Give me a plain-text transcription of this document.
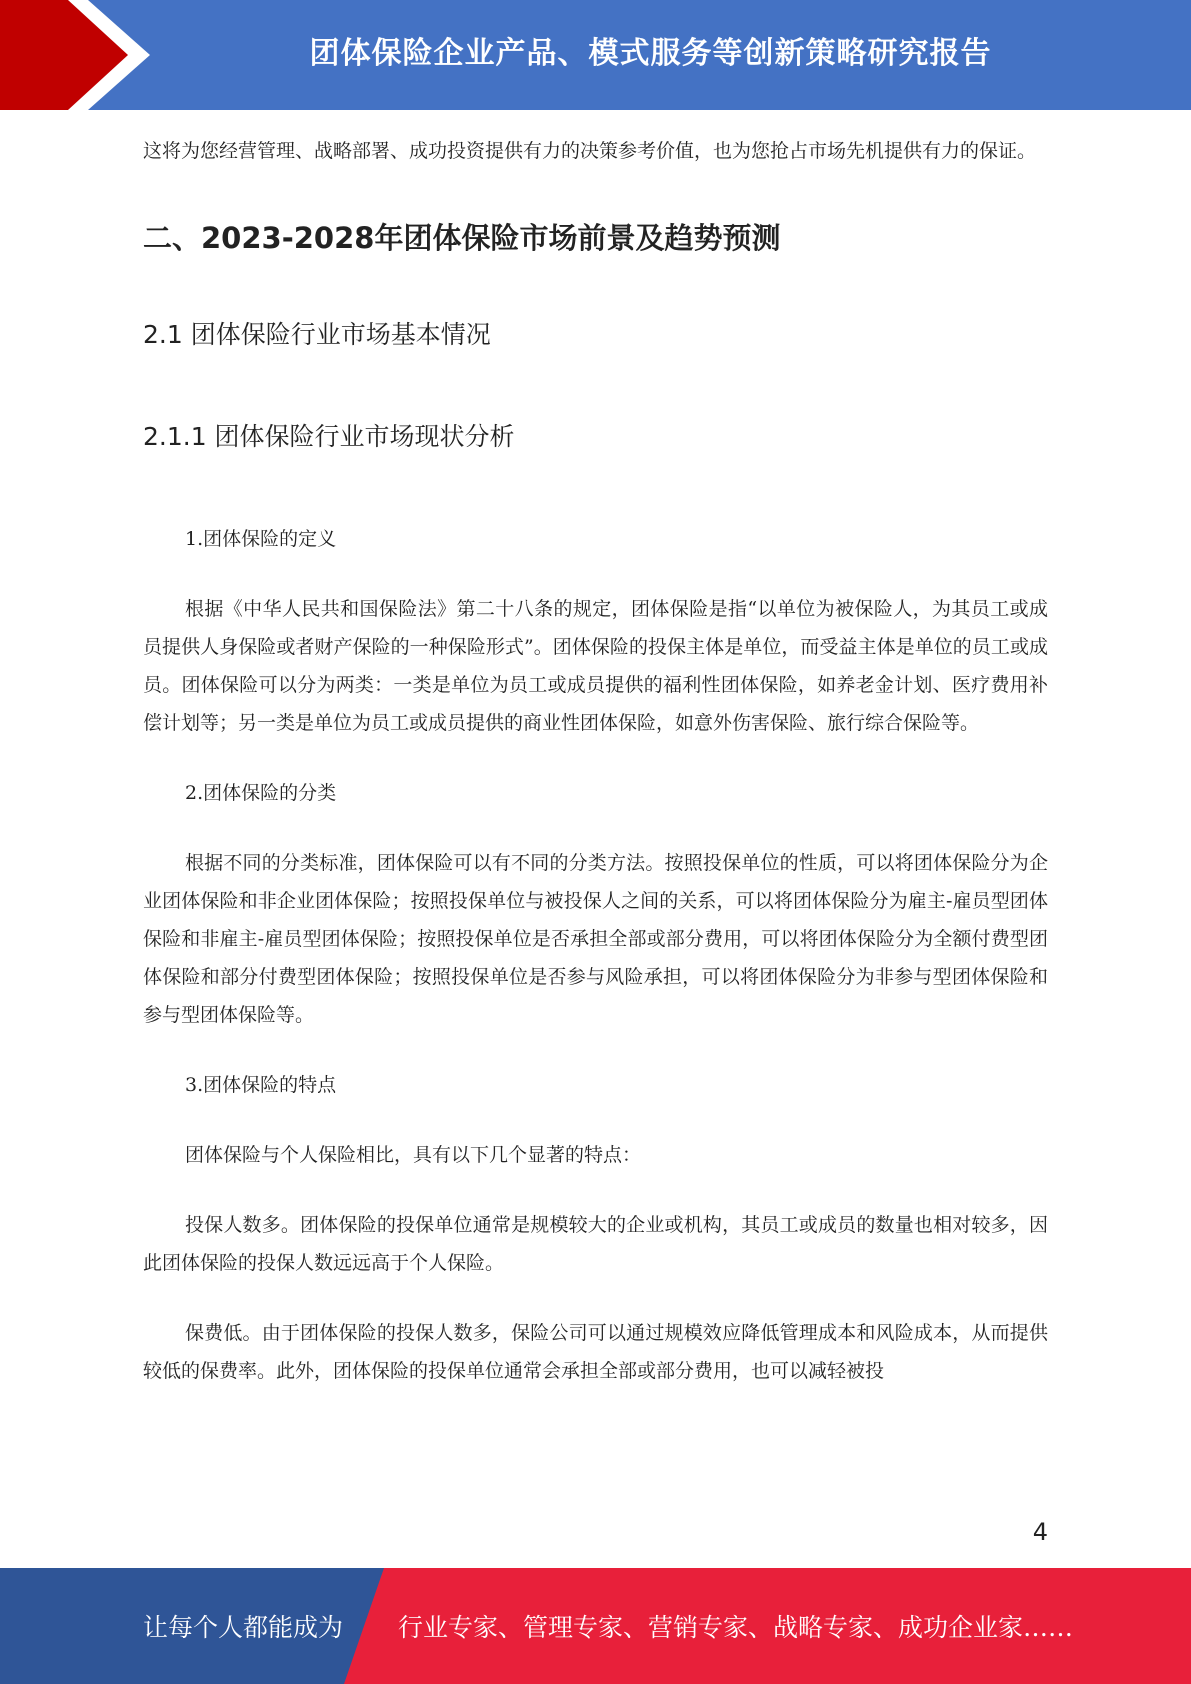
团体保险企业产品、模式服务等创新策略研究报告

这将为您经营管理、战略部署、成功投资提供有力的决策参考价值，也为您抢占市场先机提供有力的保证。

二、2023-2028年团体保险市场前景及趋势预测
2.1 团体保险行业市场基本情况
2.1.1 团体保险行业市场现状分析

1.团体保险的定义

根据《中华人民共和国保险法》第二十八条的规定，团体保险是指“以单位为被保险人，为其员工或成员提供人身保险或者财产保险的一种保险形式”。团体保险的投保主体是单位，而受益主体是单位的员工或成员。团体保险可以分为两类：一类是单位为员工或成员提供的福利性团体保险，如养老金计划、医疗费用补偿计划等；另一类是单位为员工或成员提供的商业性团体保险，如意外伤害保险、旅行综合保险等。

2.团体保险的分类

根据不同的分类标准，团体保险可以有不同的分类方法。按照投保单位的性质，可以将团体保险分为企业团体保险和非企业团体保险；按照投保单位与被投保人之间的关系，可以将团体保险分为雇主-雇员型团体保险和非雇主-雇员型团体保险；按照投保单位是否承担全部或部分费用，可以将团体保险分为全额付费型团体保险和部分付费型团体保险；按照投保单位是否参与风险承担，可以将团体保险分为非参与型团体保险和参与型团体保险等。

3.团体保险的特点

团体保险与个人保险相比，具有以下几个显著的特点：

投保人数多。团体保险的投保单位通常是规模较大的企业或机构，其员工或成员的数量也相对较多，因此团体保险的投保人数远远高于个人保险。

保费低。由于团体保险的投保人数多，保险公司可以通过规模效应降低管理成本和风险成本，从而提供较低的保费率。此外，团体保险的投保单位通常会承担全部或部分费用，也可以减轻被投

4
让每个人都能成为 行业专家、管理专家、营销专家、战略专家、成功企业家……
